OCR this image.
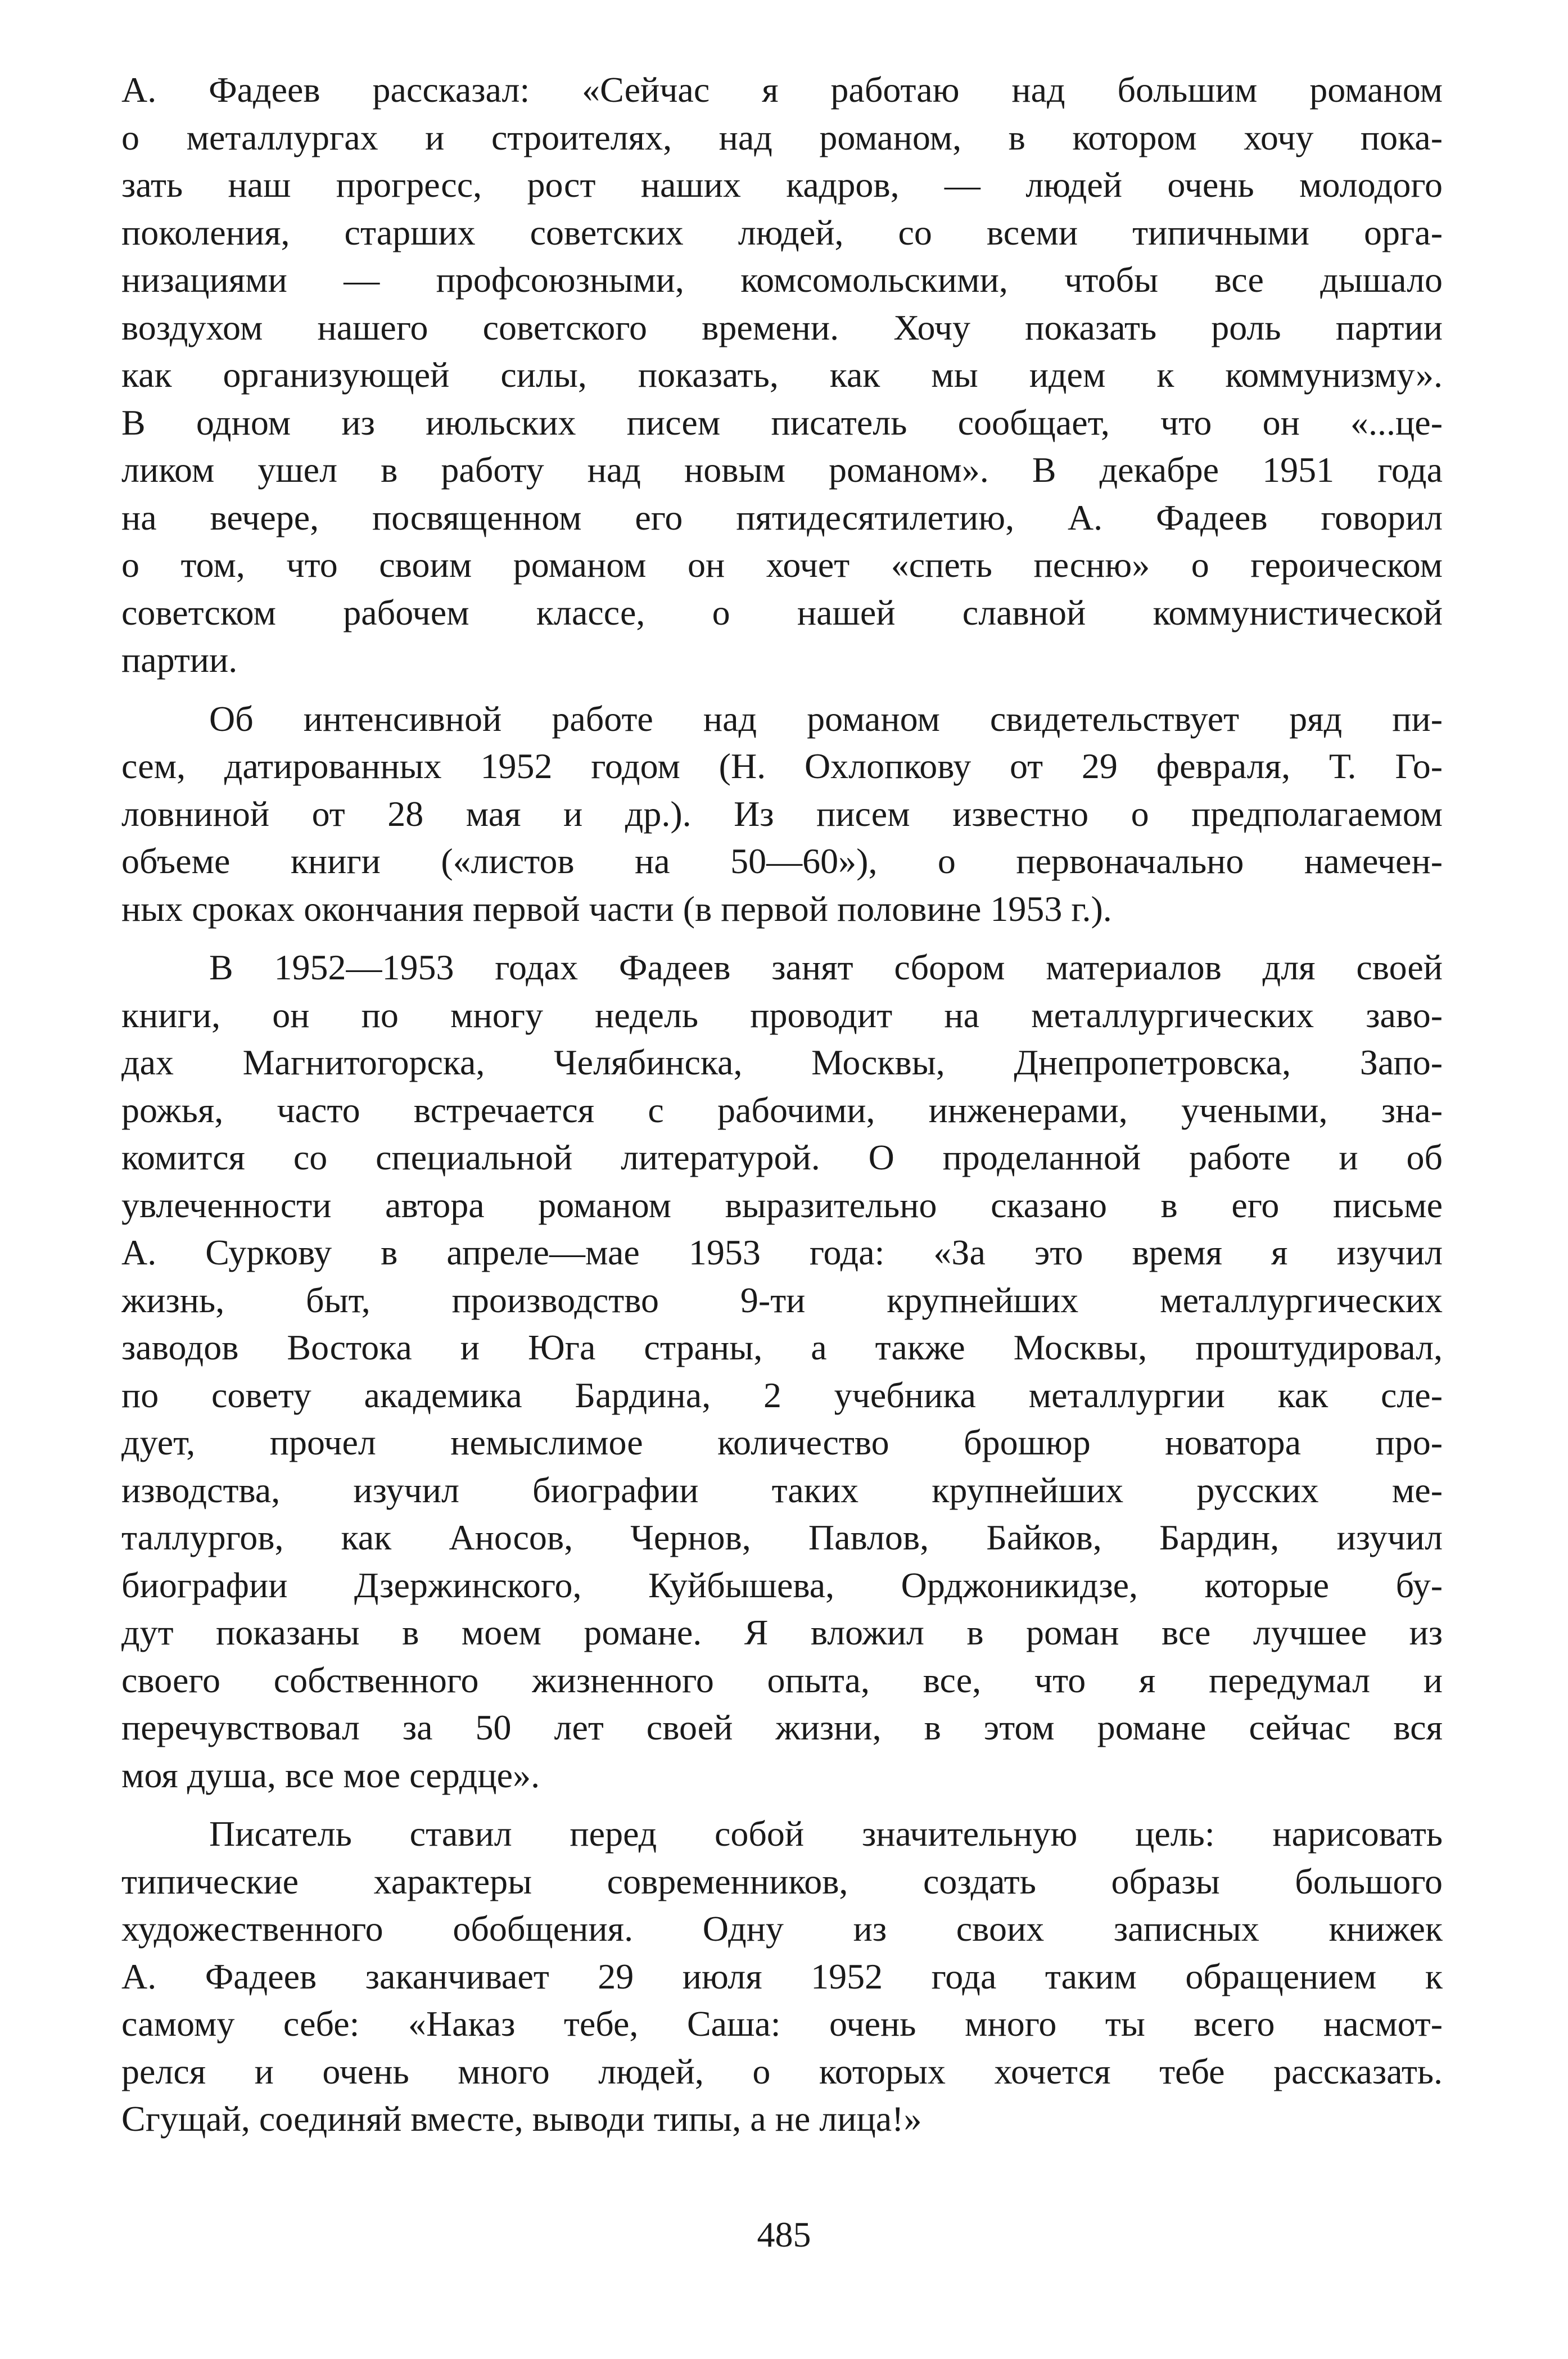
А. Фадеев рассказал: «Сейчас я работаю над большим романом
о металлургах и строителях, над романом, в котором хочу пока-
зать наш прогресс, рост наших кадров, — людей очень молодого
поколения, старших советских людей, со всеми типичными орга-
низациями — профсоюзными, комсомольскими, чтобы все дышало
воздухом нашего советского времени. Хочу показать роль партии
как организующей силы, показать, как мы идем к коммунизму».
В одном из июльских писем писатель сообщает, что он «...це-
ликом ушел в работу над новым романом». В декабре 1951 года
на вечере, посвященном его пятидесятилетию, А. Фадеев говорил
о том, что своим романом он хочет «спеть песню» о героическом
советском рабочем классе, о нашей славной коммунистической
партии.
Об интенсивной работе над романом свидетельствует ряд пи-
сем, датированных 1952 годом (Н. Охлопкову от 29 февраля, Т. Го-
ловниной от 28 мая и др.). Из писем известно о предполагаемом
объеме книги («листов на 50—60»), о первоначально намечен-
ных сроках окончания первой части (в первой половине 1953 г.).
В 1952—1953 годах Фадеев занят сбором материалов для своей
книги, он по многу недель проводит на металлургических заво-
дах Магнитогорска, Челябинска, Москвы, Днепропетровска, Запо-
рожья, часто встречается с рабочими, инженерами, учеными, зна-
комится со специальной литературой. О проделанной работе и об
увлеченности автора романом выразительно сказано в его письме
А. Суркову в апреле—мае 1953 года: «За это время я изучил
жизнь, быт, производство 9-ти крупнейших металлургических
заводов Востока и Юга страны, а также Москвы, проштудировал,
по совету академика Бардина, 2 учебника металлургии как сле-
дует, прочел немыслимое количество брошюр новатора про-
изводства, изучил биографии таких крупнейших русских ме-
таллургов, как Аносов, Чернов, Павлов, Байков, Бардин, изучил
биографии Дзержинского, Куйбышева, Орджоникидзе, которые бу-
дут показаны в моем романе. Я вложил в роман все лучшее из
своего собственного жизненного опыта, все, что я передумал и
перечувствовал за 50 лет своей жизни, в этом романе сейчас вся
моя душа, все мое сердце».
Писатель ставил перед собой значительную цель: нарисовать
типические характеры современников, создать образы большого
художественного обобщения. Одну из своих записных книжек
А. Фадеев заканчивает 29 июля 1952 года таким обращением к
самому себе: «Наказ тебе, Саша: очень много ты всего насмот-
релся и очень много людей, о которых хочется тебе рассказать.
Сгущай, соединяй вместе, выводи типы, а не лица!»
485
